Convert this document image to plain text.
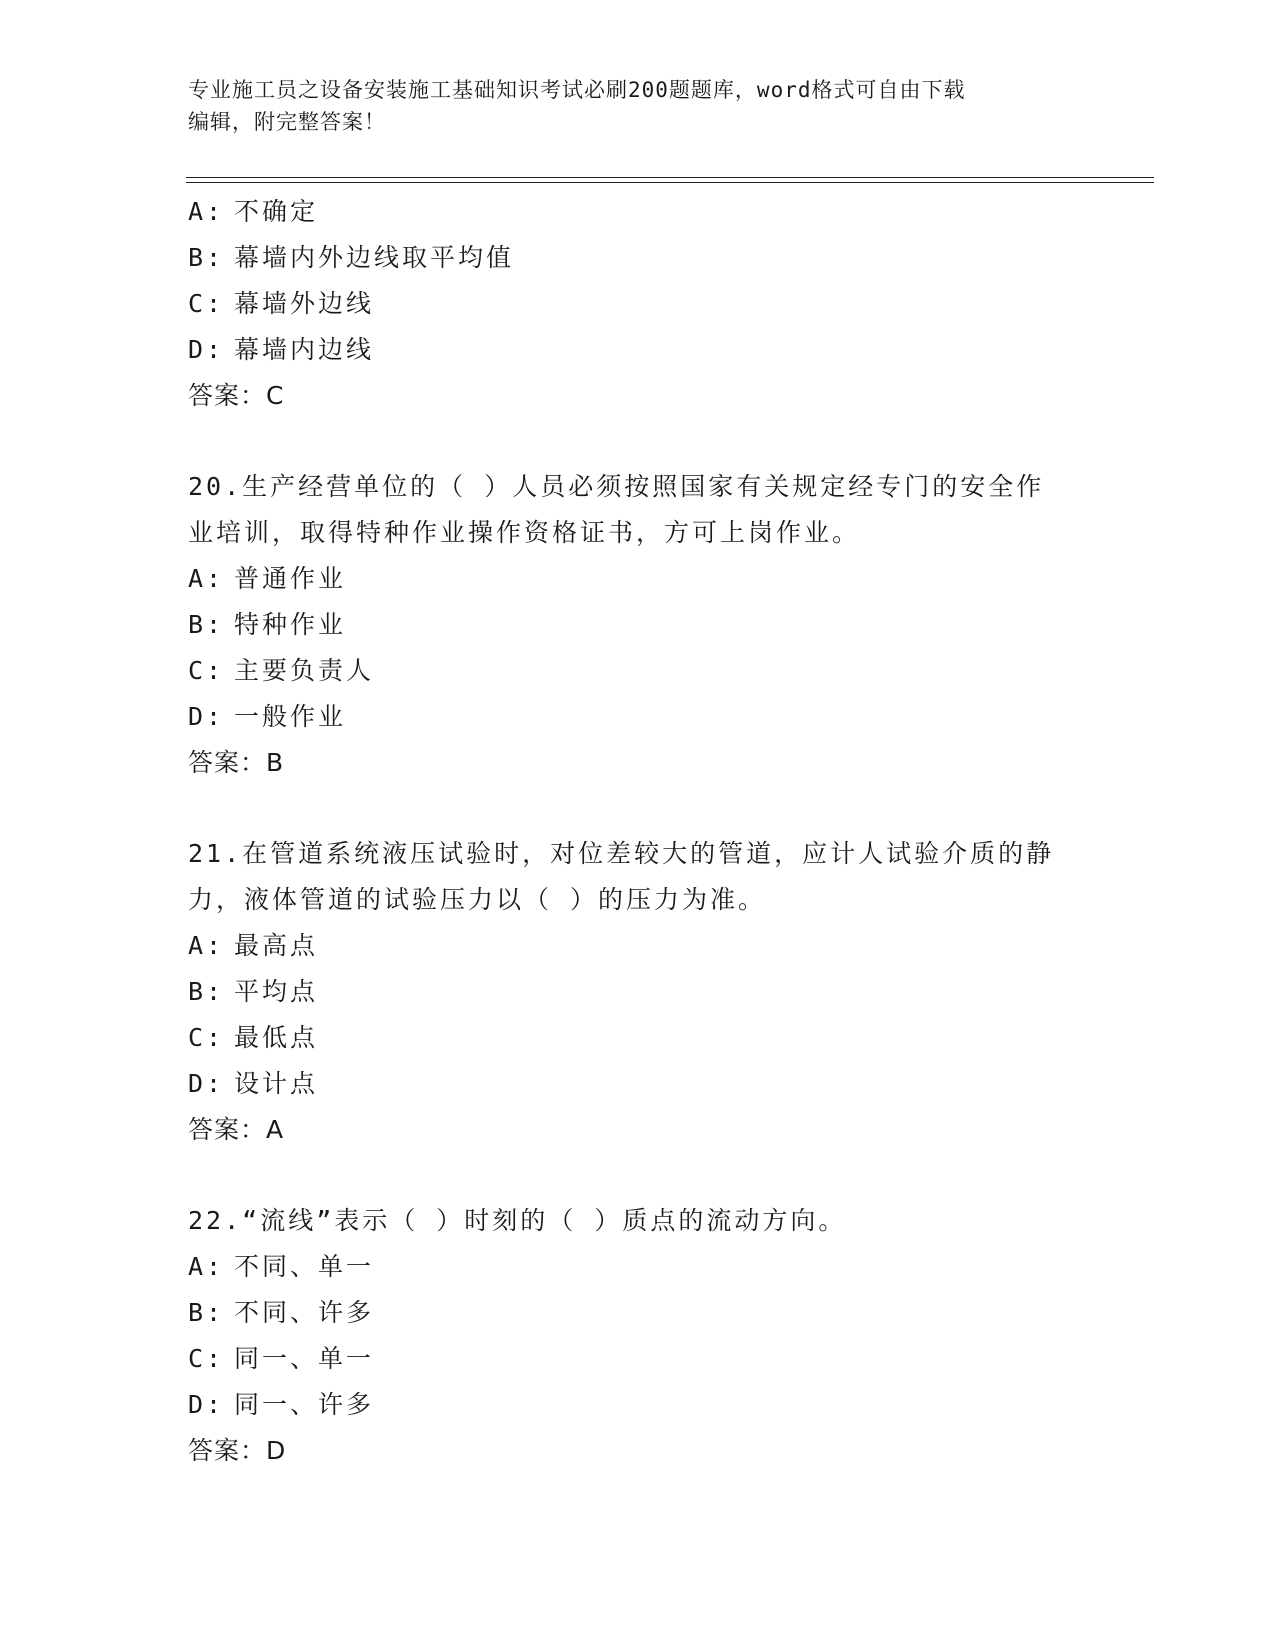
专业施工员之设备安装施工基础知识考试必刷200题题库，word格式可自由下载
编辑，附完整答案！
A: 不确定
B: 幕墙内外边线取平均值
C: 幕墙外边线
D: 幕墙内边线
答案：C
20.生产经营单位的（ ）人员必须按照国家有关规定经专门的安全作
业培训，取得特种作业操作资格证书，方可上岗作业。
A: 普通作业
B: 特种作业
C: 主要负责人
D: 一般作业
答案：B
21.在管道系统液压试验时，对位差较大的管道，应计人试验介质的静
力，液体管道的试验压力以（ ）的压力为准。
A: 最高点
B: 平均点
C: 最低点
D: 设计点
答案：A
22.“流线”表示（ ）时刻的（ ）质点的流动方向。
A: 不同、单一
B: 不同、许多
C: 同一、单一
D: 同一、许多
答案：D
